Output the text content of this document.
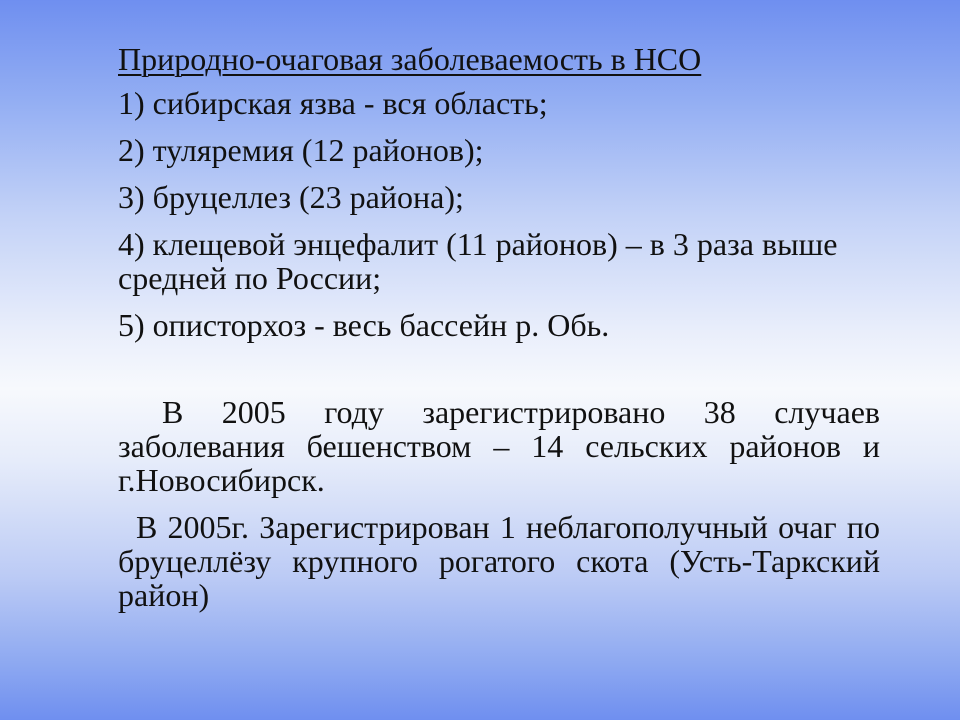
Природно-очаговая заболеваемость в НСО
1) сибирская язва - вся область;
2) туляремия (12 районов);
3) бруцеллез (23 района);
4) клещевой энцефалит (11 районов) – в 3 раза выше средней по России;
5) описторхоз - весь бассейн р. Обь.
В 2005 году зарегистрировано 38 случаев заболевания бешенством – 14 сельских районов и г.Новосибирск.
В 2005г. Зарегистрирован 1 неблагополучный очаг по бруцеллёзу крупного рогатого скота (Усть-Таркский район)
